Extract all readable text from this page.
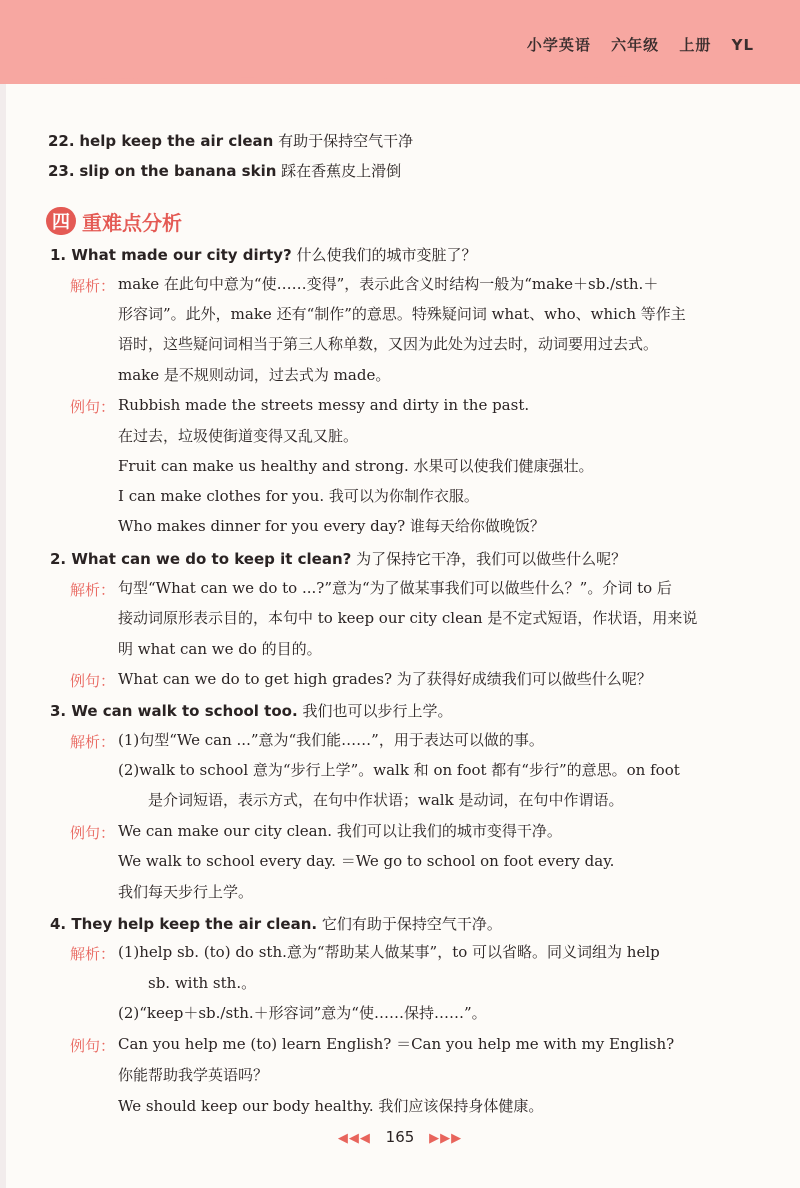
小学英语 六年级 上册 YL
22. help keep the air clean 有助于保持空气干净
23. slip on the banana skin 踩在香蕉皮上滑倒
四 重难点分析
1. What made our city dirty? 什么使我们的城市变脏了？
解析： make 在此句中意为“使……变得”，表示此含义时结构一般为“make＋sb./sth.＋
形容词”。此外，make 还有“制作”的意思。特殊疑问词 what、who、which 等作主
语时，这些疑问词相当于第三人称单数，又因为此处为过去时，动词要用过去式。
make 是不规则动词，过去式为 made。
例句： Rubbish made the streets messy and dirty in the past.
在过去，垃圾使街道变得又乱又脏。
Fruit can make us healthy and strong. 水果可以使我们健康强壮。
I can make clothes for you. 我可以为你制作衣服。
Who makes dinner for you every day? 谁每天给你做晚饭？
2. What can we do to keep it clean? 为了保持它干净，我们可以做些什么呢？
解析： 句型“What can we do to ...?”意为“为了做某事我们可以做些什么？”。介词 to 后
接动词原形表示目的，本句中 to keep our city clean 是不定式短语，作状语，用来说
明 what can we do 的目的。
例句： What can we do to get high grades? 为了获得好成绩我们可以做些什么呢？
3. We can walk to school too. 我们也可以步行上学。
解析： (1)句型“We can ...”意为“我们能……”，用于表达可以做的事。
(2)walk to school 意为“步行上学”。walk 和 on foot 都有“步行”的意思。on foot
是介词短语，表示方式，在句中作状语；walk 是动词，在句中作谓语。
例句： We can make our city clean. 我们可以让我们的城市变得干净。
We walk to school every day. ＝We go to school on foot every day.
我们每天步行上学。
4. They help keep the air clean. 它们有助于保持空气干净。
解析： (1)help sb. (to) do sth.意为“帮助某人做某事”，to 可以省略。同义词组为 help
sb. with sth.。
(2)“keep＋sb./sth.＋形容词”意为“使……保持……”。
例句： Can you help me (to) learn English? ＝Can you help me with my English?
你能帮助我学英语吗？
We should keep our body healthy. 我们应该保持身体健康。
◀◀◀ 165 ▶▶▶
